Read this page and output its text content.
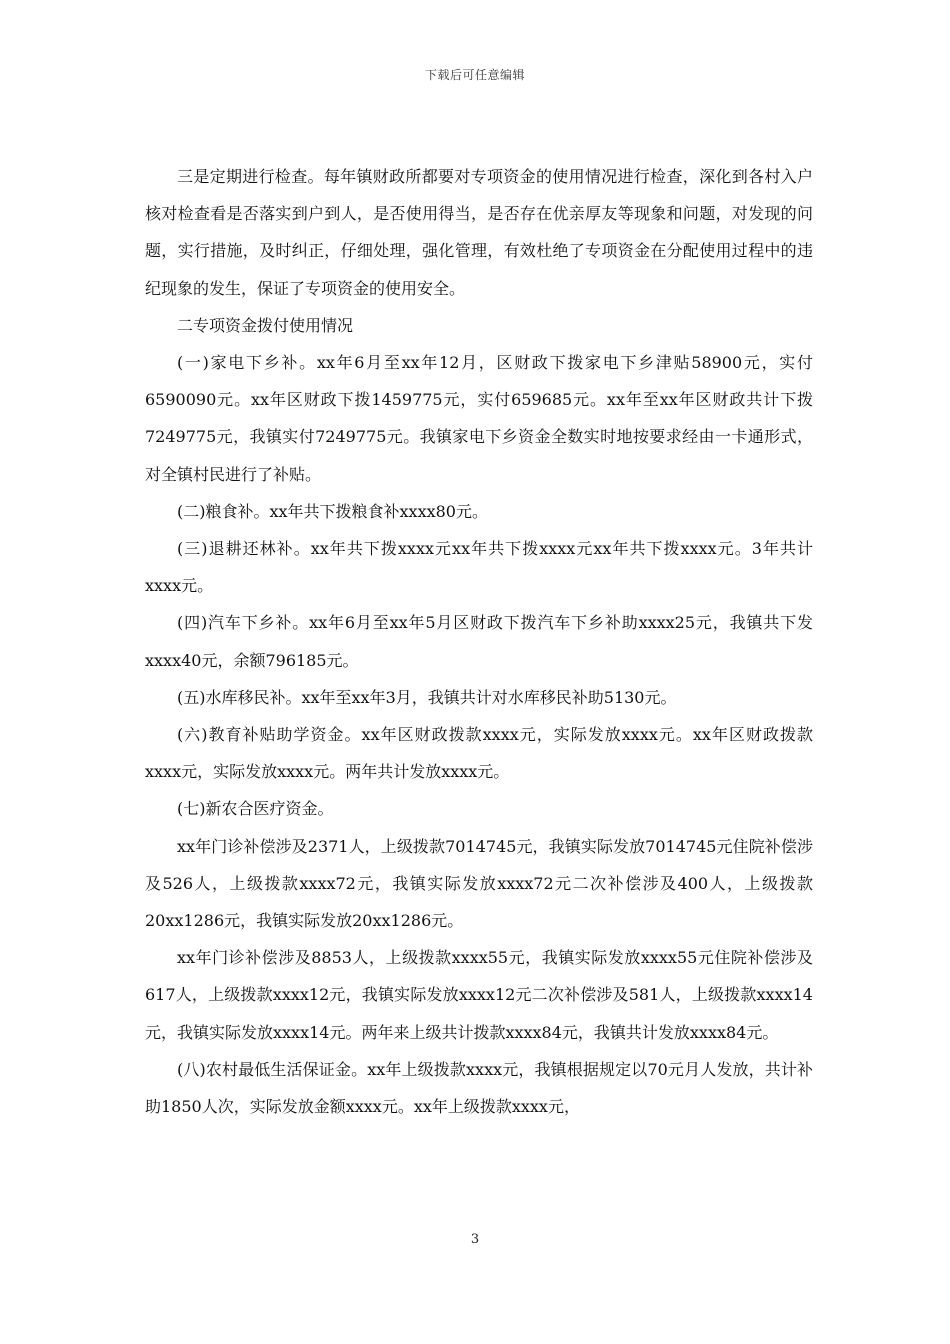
下载后可任意编辑

三是定期进行检查。每年镇财政所都要对专项资金的使用情况进行检查，深化到各村入户核对检查看是否落实到户到人，是否使用得当，是否存在优亲厚友等现象和问题，对发现的问题，实行措施，及时纠正，仔细处理，强化管理，有效杜绝了专项资金在分配使用过程中的违纪现象的发生，保证了专项资金的使用安全。

二专项资金拨付使用情况

(一)家电下乡补。xx年6月至xx年12月，区财政下拨家电下乡津贴58900元，实付6590090元。xx年区财政下拨1459775元，实付659685元。xx年至xx年区财政共计下拨7249775元，我镇实付7249775元。我镇家电下乡资金全数实时地按要求经由一卡通形式，对全镇村民进行了补贴。

(二)粮食补。xx年共下拨粮食补xxxx80元。

(三)退耕还林补。xx年共下拨xxxx元xx年共下拨xxxx元xx年共下拨xxxx元。3年共计xxxx元。

(四)汽车下乡补。xx年6月至xx年5月区财政下拨汽车下乡补助xxxx25元，我镇共下发xxxx40元，余额796185元。

(五)水库移民补。xx年至xx年3月，我镇共计对水库移民补助5130元。

(六)教育补贴助学资金。xx年区财政拨款xxxx元，实际发放xxxx元。xx年区财政拨款xxxx元，实际发放xxxx元。两年共计发放xxxx元。

(七)新农合医疗资金。

xx年门诊补偿涉及2371人，上级拨款7014745元，我镇实际发放7014745元住院补偿涉及526人，上级拨款xxxx72元，我镇实际发放xxxx72元二次补偿涉及400人，上级拨款20xx1286元，我镇实际发放20xx1286元。

xx年门诊补偿涉及8853人，上级拨款xxxx55元，我镇实际发放xxxx55元住院补偿涉及617人，上级拨款xxxx12元，我镇实际发放xxxx12元二次补偿涉及581人，上级拨款xxxx14元，我镇实际发放xxxx14元。两年来上级共计拨款xxxx84元，我镇共计发放xxxx84元。

(八)农村最低生活保证金。xx年上级拨款xxxx元，我镇根据规定以70元月人发放，共计补助1850人次，实际发放金额xxxx元。xx年上级拨款xxxx元，

3
